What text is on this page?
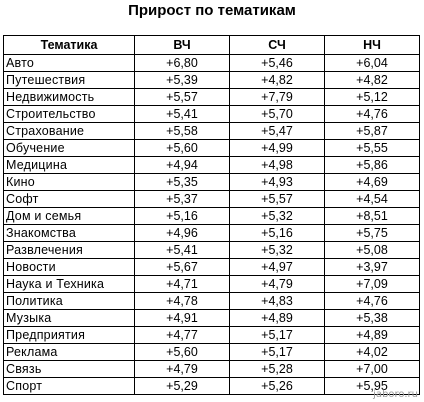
Прирост по тематикам
Тематика	ВЧ	СЧ	НЧ
Авто	+6,80	+5,46	+6,04
Путешествия	+5,39	+4,82	+4,82
Недвижимость	+5,57	+7,79	+5,12
Строительство	+5,41	+5,70	+4,76
Страхование	+5,58	+5,47	+5,87
Обучение	+5,60	+4,99	+5,55
Медицина	+4,94	+4,98	+5,86
Кино	+5,35	+4,93	+4,69
Софт	+5,37	+5,57	+4,54
Дом и семья	+5,16	+5,32	+8,51
Знакомства	+4,96	+5,16	+5,75
Развлечения	+5,41	+5,32	+5,08
Новости	+5,67	+4,97	+3,97
Наука и Техника	+4,71	+4,79	+7,09
Политика	+4,78	+4,83	+4,76
Музыка	+4,91	+4,89	+5,38
Предприятия	+4,77	+5,17	+4,89
Реклама	+5,60	+5,17	+4,02
Связь	+4,79	+5,28	+7,00
Спорт	+5,29	+5,26	+5,95
jaboro.ru
